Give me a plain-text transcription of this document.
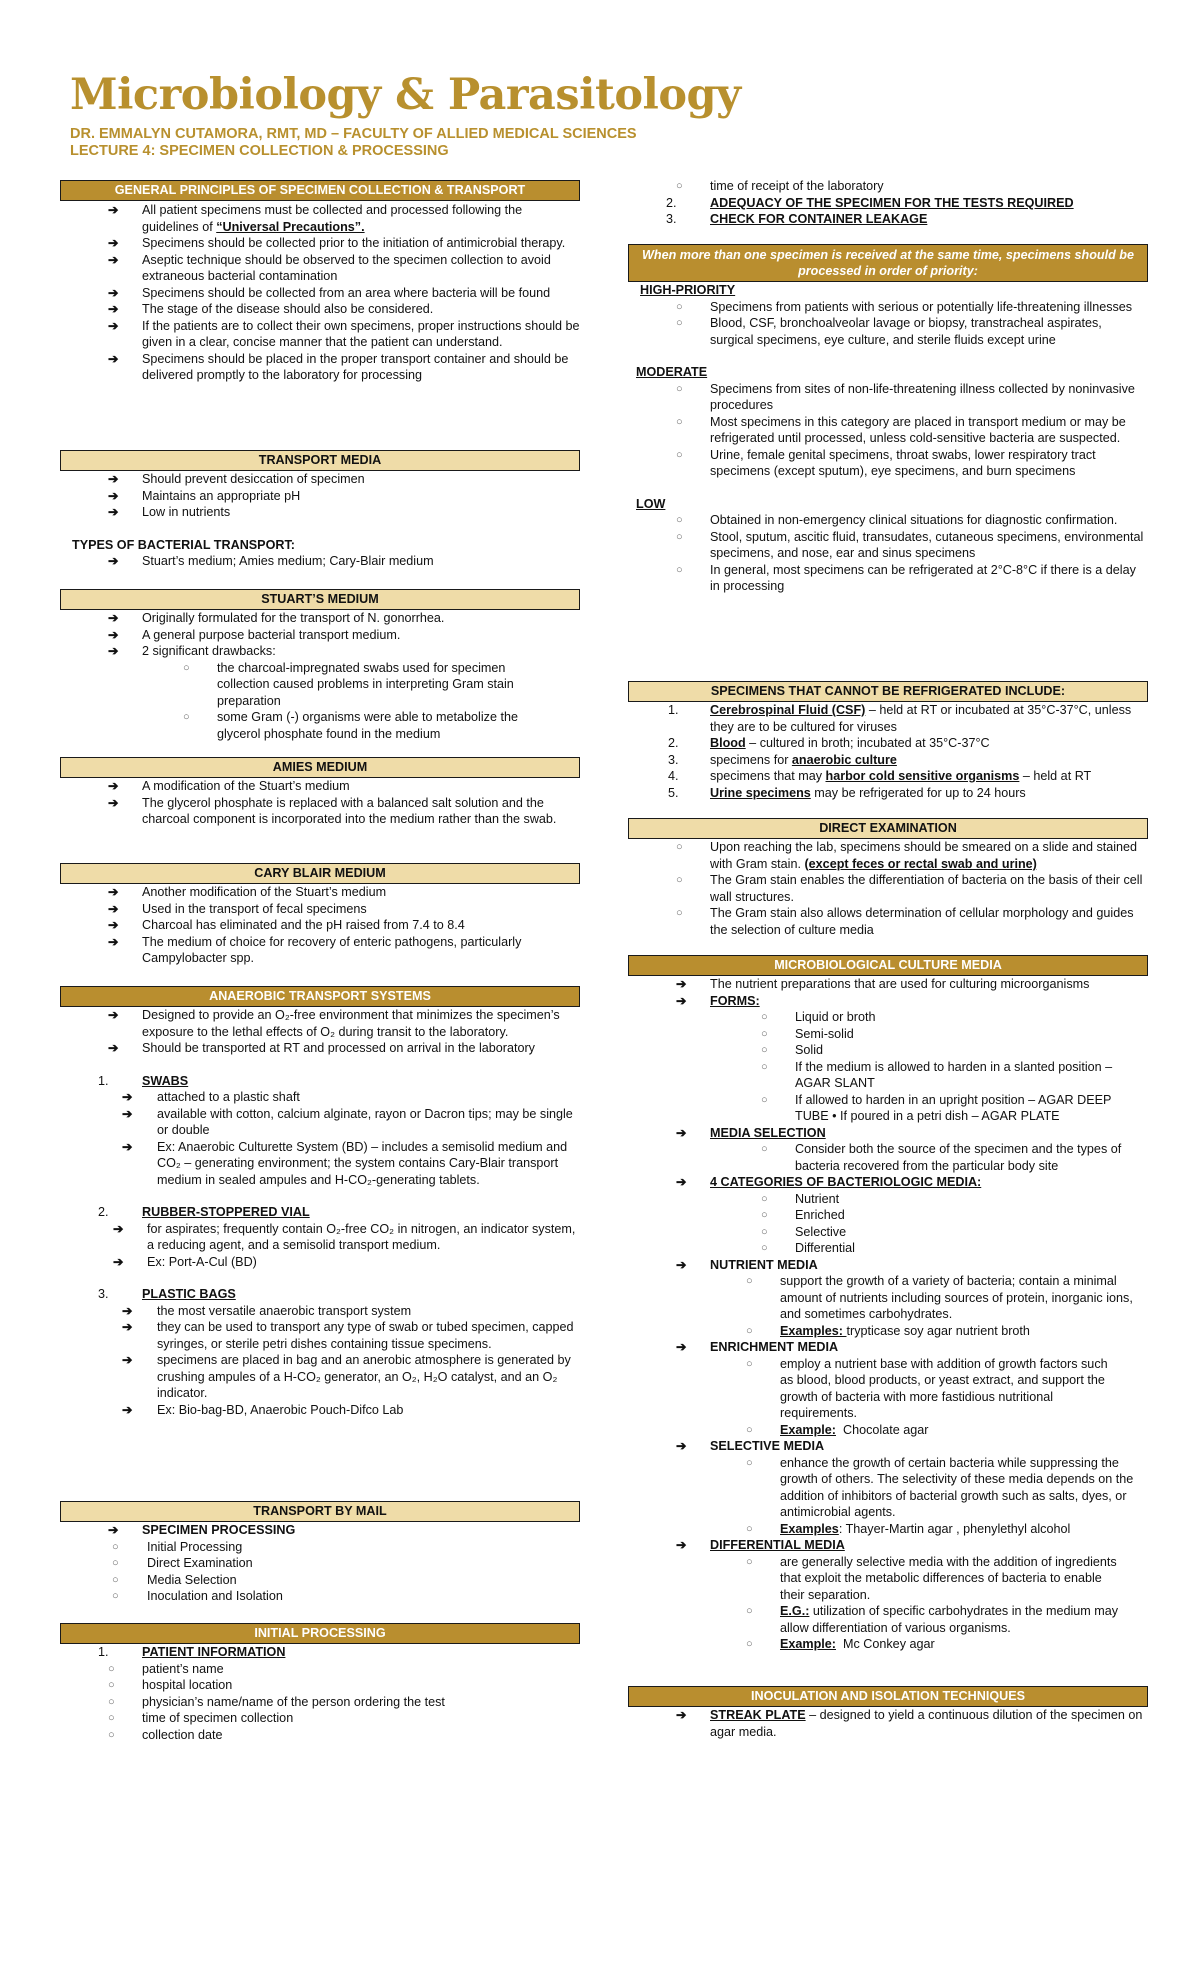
Microbiology & Parasitology
DR. EMMALYN CUTAMORA, RMT, MD – FACULTY OF ALLIED MEDICAL SCIENCES
LECTURE 4: SPECIMEN COLLECTION & PROCESSING
GENERAL PRINCIPLES OF SPECIMEN COLLECTION & TRANSPORT
➔ All patient specimens must be collected and processed following the guidelines of “Universal Precautions”.
➔ Specimens should be collected prior to the initiation of antimicrobial therapy.
➔ Aseptic technique should be observed to the specimen collection to avoid extraneous bacterial contamination
➔ Specimens should be collected from an area where bacteria will be found
➔ The stage of the disease should also be considered.
➔ If the patients are to collect their own specimens, proper instructions should be given in a clear, concise manner that the patient can understand.
➔ Specimens should be placed in the proper transport container and should be delivered promptly to the laboratory for processing
TRANSPORT MEDIA
➔ Should prevent desiccation of specimen
➔ Maintains an appropriate pH
➔ Low in nutrients
TYPES OF BACTERIAL TRANSPORT:
➔ Stuart’s medium; Amies medium; Cary-Blair medium
STUART’S MEDIUM
➔ Originally formulated for the transport of N. gonorrhea.
➔ A general purpose bacterial transport medium.
➔ 2 significant drawbacks:
○ the charcoal-impregnated swabs used for specimen collection caused problems in interpreting Gram stain preparation
○ some Gram (-) organisms were able to metabolize the glycerol phosphate found in the medium
AMIES MEDIUM
➔ A modification of the Stuart’s medium
➔ The glycerol phosphate is replaced with a balanced salt solution and the charcoal component is incorporated into the medium rather than the swab.
CARY BLAIR MEDIUM
➔ Another modification of the Stuart’s medium
➔ Used in the transport of fecal specimens
➔ Charcoal has eliminated and the pH raised from 7.4 to 8.4
➔ The medium of choice for recovery of enteric pathogens, particularly Campylobacter spp.
ANAEROBIC TRANSPORT SYSTEMS
➔ Designed to provide an O₂-free environment that minimizes the specimen’s exposure to the lethal effects of O₂ during transit to the laboratory.
➔ Should be transported at RT and processed on arrival in the laboratory
1.	SWABS
➔ attached to a plastic shaft
➔ available with cotton, calcium alginate, rayon or Dacron tips; may be single or double
➔ Ex: Anaerobic Culturette System (BD) – includes a semisolid medium and CO₂ – generating environment; the system contains Cary-Blair transport medium in sealed ampules and H-CO₂-generating tablets.
2.	RUBBER-STOPPERED VIAL
➔ for aspirates; frequently contain O₂-free CO₂ in nitrogen, an indicator system, a reducing agent, and a semisolid transport medium.
➔ Ex: Port-A-Cul (BD)
3.	PLASTIC BAGS
➔ the most versatile anaerobic transport system
➔ they can be used to transport any type of swab or tubed specimen, capped syringes, or sterile petri dishes containing tissue specimens.
➔ specimens are placed in bag and an anerobic atmosphere is generated by crushing ampules of a H-CO₂ generator, an O₂, H₂O catalyst, and an O₂ indicator.
➔ Ex: Bio-bag-BD, Anaerobic Pouch-Difco Lab
TRANSPORT BY MAIL
➔ SPECIMEN PROCESSING
○ Initial Processing
○ Direct Examination
○ Media Selection
○ Inoculation and Isolation
INITIAL PROCESSING
1.	PATIENT INFORMATION
○ patient’s name
○ hospital location
○ physician’s name/name of the person ordering the test
○ time of specimen collection
○ collection date
○ time of receipt of the laboratory
2.	ADEQUACY OF THE SPECIMEN FOR THE TESTS REQUIRED
3.	CHECK FOR CONTAINER LEAKAGE
When more than one specimen is received at the same time, specimens should be processed in order of priority:
HIGH-PRIORITY
○ Specimens from patients with serious or potentially life-threatening illnesses
○ Blood, CSF, bronchoalveolar lavage or biopsy, transtracheal aspirates, surgical specimens, eye culture, and sterile fluids except urine
MODERATE
○ Specimens from sites of non-life-threatening illness collected by noninvasive procedures
○ Most specimens in this category are placed in transport medium or may be refrigerated until processed, unless cold-sensitive bacteria are suspected.
○ Urine, female genital specimens, throat swabs, lower respiratory tract specimens (except sputum), eye specimens, and burn specimens
LOW
○ Obtained in non-emergency clinical situations for diagnostic confirmation.
○ Stool, sputum, ascitic fluid, transudates, cutaneous specimens, environmental specimens, and nose, ear and sinus specimens
○ In general, most specimens can be refrigerated at 2°C-8°C if there is a delay in processing
SPECIMENS THAT CANNOT BE REFRIGERATED INCLUDE:
1. Cerebrospinal Fluid (CSF) – held at RT or incubated at 35°C-37°C, unless they are to be cultured for viruses
2. Blood – cultured in broth; incubated at 35°C-37°C
3. specimens for anaerobic culture
4. specimens that may harbor cold sensitive organisms – held at RT
5. Urine specimens may be refrigerated for up to 24 hours
DIRECT EXAMINATION
○ Upon reaching the lab, specimens should be smeared on a slide and stained with Gram stain. (except feces or rectal swab and urine)
○ The Gram stain enables the differentiation of bacteria on the basis of their cell wall structures.
○ The Gram stain also allows determination of cellular morphology and guides the selection of culture media
MICROBIOLOGICAL CULTURE MEDIA
➔ The nutrient preparations that are used for culturing microorganisms
➔ FORMS:
○ Liquid or broth
○ Semi-solid
○ Solid
○ If the medium is allowed to harden in a slanted position – AGAR SLANT
○ If allowed to harden in an upright position – AGAR DEEP TUBE • If poured in a petri dish – AGAR PLATE
➔ MEDIA SELECTION
○ Consider both the source of the specimen and the types of bacteria recovered from the particular body site
➔ 4 CATEGORIES OF BACTERIOLOGIC MEDIA:
○ Nutrient
○ Enriched
○ Selective
○ Differential
➔ NUTRIENT MEDIA
○ support the growth of a variety of bacteria; contain a minimal amount of nutrients including sources of protein, inorganic ions, and sometimes carbohydrates.
○ Examples: trypticase soy agar nutrient broth
➔ ENRICHMENT MEDIA
○ employ a nutrient base with addition of growth factors such as blood, blood products, or yeast extract, and support the growth of bacteria with more fastidious nutritional requirements.
○ Example:  Chocolate agar
➔ SELECTIVE MEDIA
○ enhance the growth of certain bacteria while suppressing the growth of others. The selectivity of these media depends on the addition of inhibitors of bacterial growth such as salts, dyes, or antimicrobial agents.
○ Examples: Thayer-Martin agar , phenylethyl alcohol
➔ DIFFERENTIAL MEDIA
○ are generally selective media with the addition of ingredients that exploit the metabolic differences of bacteria to enable their separation.
○ E.G.: utilization of specific carbohydrates in the medium may allow differentiation of various organisms.
○ Example:  Mc Conkey agar
INOCULATION AND ISOLATION TECHNIQUES
➔ STREAK PLATE – designed to yield a continuous dilution of the specimen on agar media.
